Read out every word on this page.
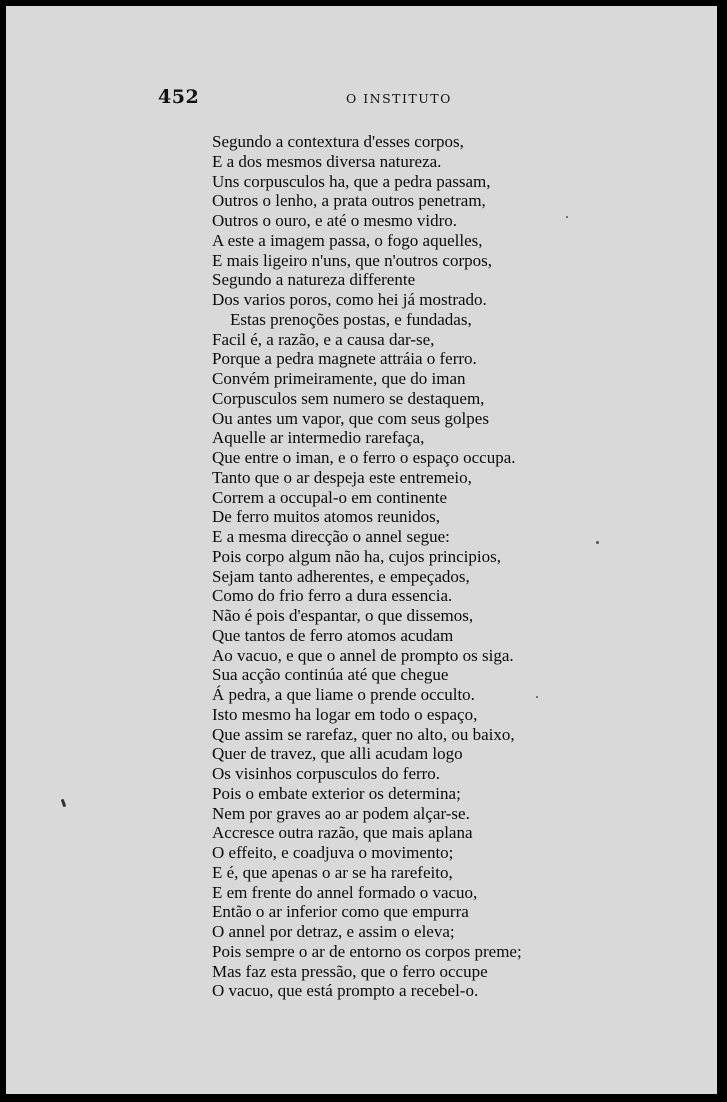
452	O INSTITUTO
Segundo a contextura d'esses corpos,
E a dos mesmos diversa natureza.
Uns corpusculos ha, que a pedra passam,
Outros o lenho, a prata outros penetram,
Outros o ouro, e até o mesmo vidro.
A este a imagem passa, o fogo aquelles,
E mais ligeiro n'uns, que n'outros corpos,
Segundo a natureza differente
Dos varios poros, como hei já mostrado.
Estas prenoções postas, e fundadas,
Facil é, a razão, e a causa dar-se,
Porque a pedra magnete attráia o ferro.
Convém primeiramente, que do iman
Corpusculos sem numero se destaquem,
Ou antes um vapor, que com seus golpes
Aquelle ar intermedio rarefaça,
Que entre o iman, e o ferro o espaço occupa.
Tanto que o ar despeja este entremeio,
Correm a occupal-o em continente
De ferro muitos atomos reunidos,
E a mesma direcção o annel segue:
Pois corpo algum não ha, cujos principios,
Sejam tanto adherentes, e empeçados,
Como do frio ferro a dura essencia.
Não é pois d'espantar, o que dissemos,
Que tantos de ferro atomos acudam
Ao vacuo, e que o annel de prompto os siga.
Sua acção continúa até que chegue
Á pedra, a que liame o prende occulto.
Isto mesmo ha logar em todo o espaço,
Que assim se rarefaz, quer no alto, ou baixo,
Quer de travez, que alli acudam logo
Os visinhos corpusculos do ferro.
Pois o embate exterior os determina;
Nem por graves ao ar podem alçar-se.
Accresce outra razão, que mais aplana
O effeito, e coadjuva o movimento;
E é, que apenas o ar se ha rarefeito,
E em frente do annel formado o vacuo,
Então o ar inferior como que empurra
O annel por detraz, e assim o eleva;
Pois sempre o ar de entorno os corpos preme;
Mas faz esta pressão, que o ferro occupe
O vacuo, que está prompto a recebel-o.
